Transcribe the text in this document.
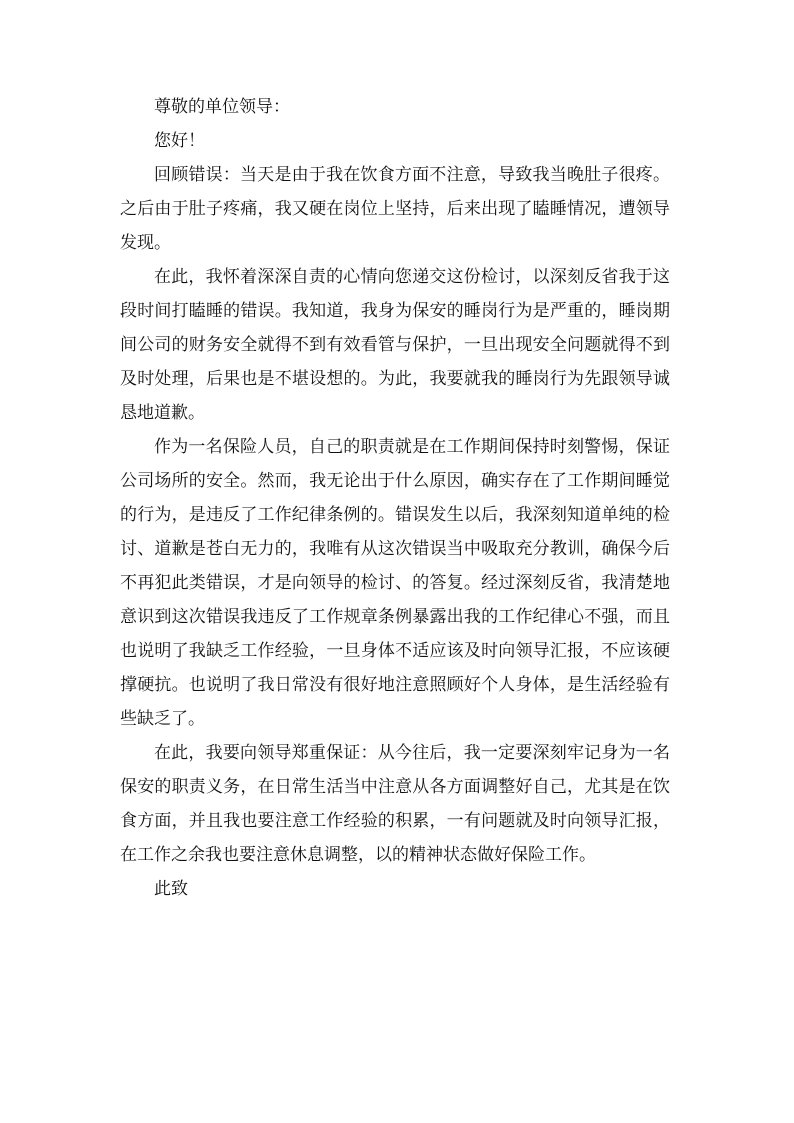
尊敬的单位领导：

您好！

回顾错误：当天是由于我在饮食方面不注意，导致我当晚肚子很疼。之后由于肚子疼痛，我又硬在岗位上坚持，后来出现了瞌睡情况，遭领导发现。

在此，我怀着深深自责的心情向您递交这份检讨，以深刻反省我于这段时间打瞌睡的错误。我知道，我身为保安的睡岗行为是严重的，睡岗期间公司的财务安全就得不到有效看管与保护，一旦出现安全问题就得不到及时处理，后果也是不堪设想的。为此，我要就我的睡岗行为先跟领导诚恳地道歉。

作为一名保险人员，自己的职责就是在工作期间保持时刻警惕，保证公司场所的安全。然而，我无论出于什么原因，确实存在了工作期间睡觉的行为，是违反了工作纪律条例的。错误发生以后，我深刻知道单纯的检讨、道歉是苍白无力的，我唯有从这次错误当中吸取充分教训，确保今后不再犯此类错误，才是向领导的检讨、的答复。经过深刻反省，我清楚地意识到这次错误我违反了工作规章条例暴露出我的工作纪律心不强，而且也说明了我缺乏工作经验，一旦身体不适应该及时向领导汇报，不应该硬撑硬抗。也说明了我日常没有很好地注意照顾好个人身体，是生活经验有些缺乏了。

在此，我要向领导郑重保证：从今往后，我一定要深刻牢记身为一名保安的职责义务，在日常生活当中注意从各方面调整好自己，尤其是在饮食方面，并且我也要注意工作经验的积累，一有问题就及时向领导汇报，在工作之余我也要注意休息调整，以的精神状态做好保险工作。

此致
